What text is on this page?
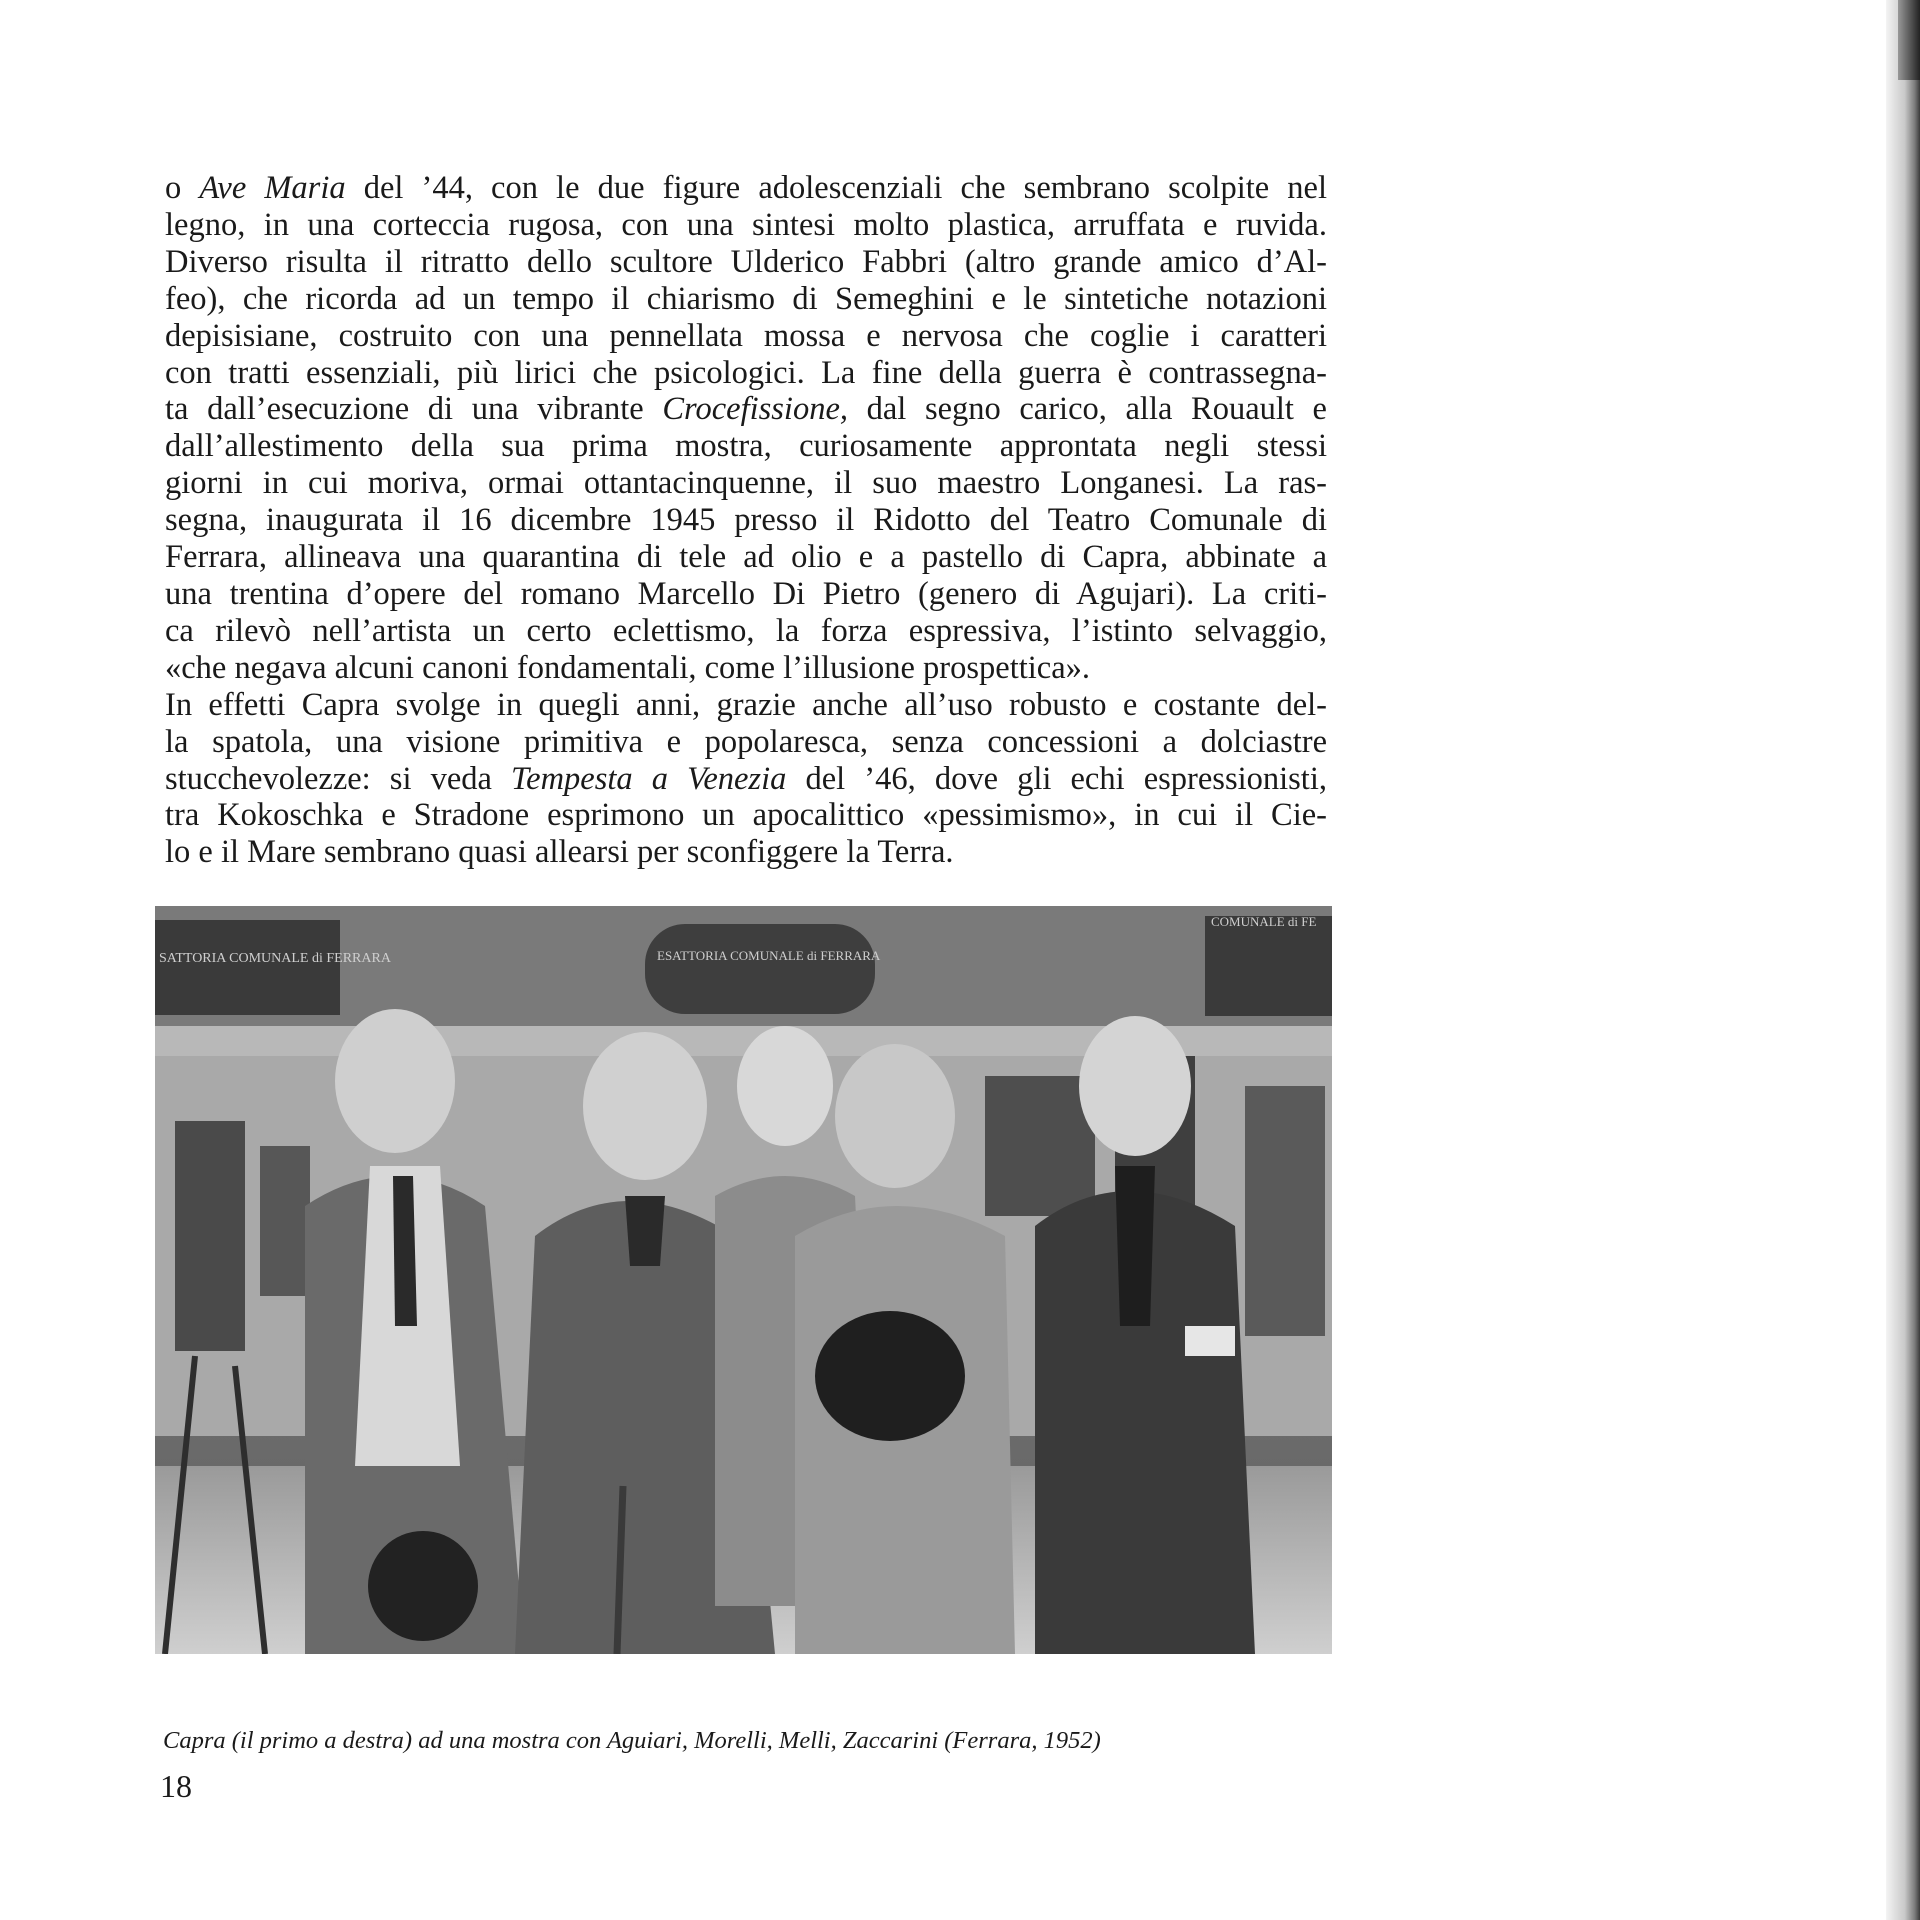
o Ave Maria del ’44, con le due figure adolescenziali che sembrano scolpite nel
legno, in una corteccia rugosa, con una sintesi molto plastica, arruffata e ruvida.
Diverso risulta il ritratto dello scultore Ulderico Fabbri (altro grande amico d’Al-
feo), che ricorda ad un tempo il chiarismo di Semeghini e le sintetiche notazioni
depisisiane, costruito con una pennellata mossa e nervosa che coglie i caratteri
con tratti essenziali, più lirici che psicologici. La fine della guerra è contrassegna-
ta dall’esecuzione di una vibrante Crocefissione, dal segno carico, alla Rouault e
dall’allestimento della sua prima mostra, curiosamente approntata negli stessi
giorni in cui moriva, ormai ottantacinquenne, il suo maestro Longanesi. La ras-
segna, inaugurata il 16 dicembre 1945 presso il Ridotto del Teatro Comunale di
Ferrara, allineava una quarantina di tele ad olio e a pastello di Capra, abbinate a
una trentina d’opere del romano Marcello Di Pietro (genero di Agujari). La criti-
ca rilevò nell’artista un certo eclettismo, la forza espressiva, l’istinto selvaggio,
«che negava alcuni canoni fondamentali, come l’illusione prospettica».
In effetti Capra svolge in quegli anni, grazie anche all’uso robusto e costante del-
la spatola, una visione primitiva e popolaresca, senza concessioni a dolciastre
stucchevolezze: si veda Tempesta a Venezia del ’46, dove gli echi espressionisti,
tra Kokoschka e Stradone esprimono un apocalittico «pessimismo», in cui il Cie-
lo e il Mare sembrano quasi allearsi per sconfiggere la Terra.
SATTORIA COMUNALE di FERRARA	ESATTORIA COMUNALE di FERRARA
COMUNALE di FE
Capra (il primo a destra) ad una mostra con Aguiari, Morelli, Melli, Zaccarini (Ferrara, 1952)
18
